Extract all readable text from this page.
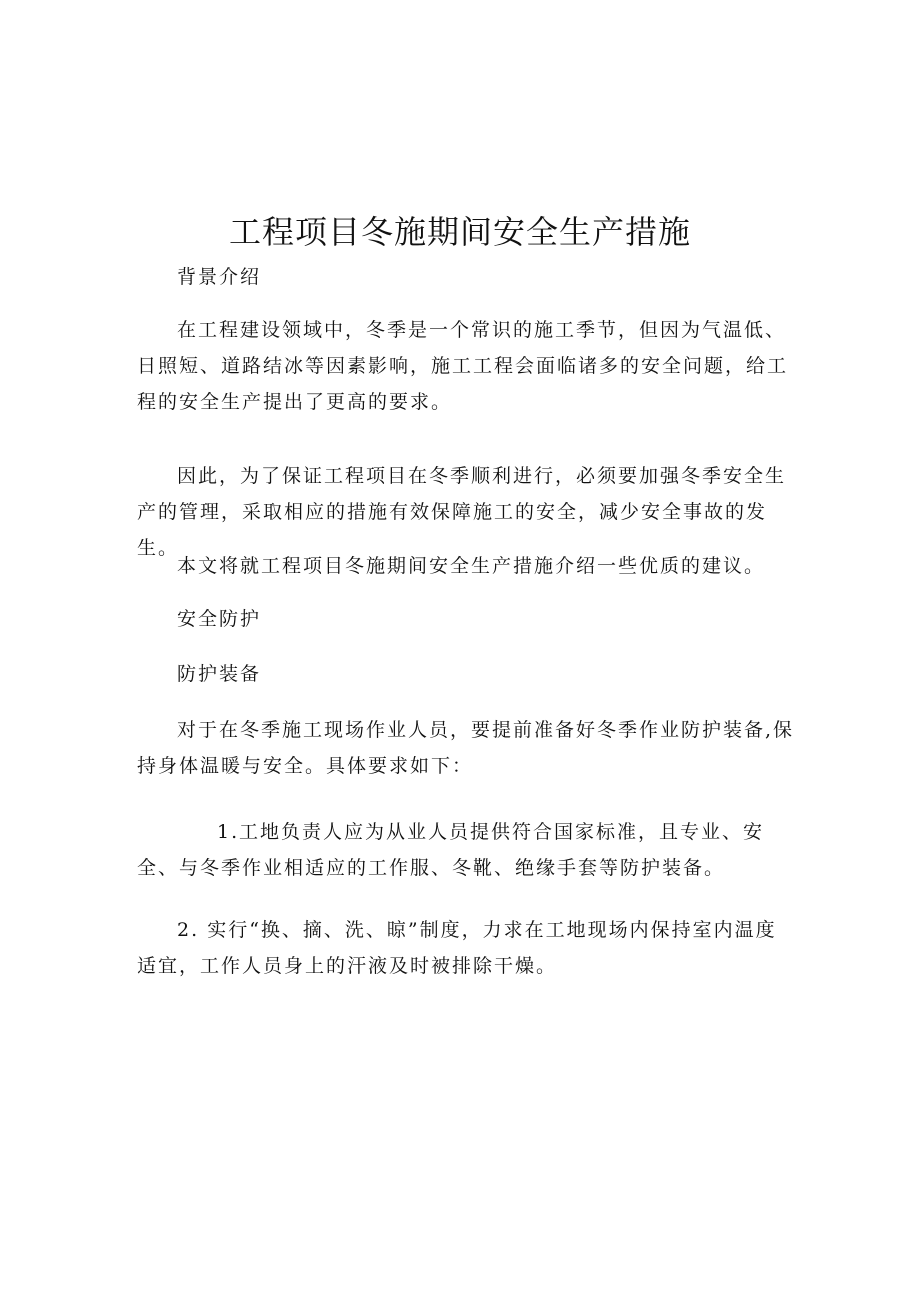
工程项目冬施期间安全生产措施

背景介绍

在工程建设领域中，冬季是一个常识的施工季节，但因为气温低、日照短、道路结冰等因素影响，施工工程会面临诸多的安全问题，给工程的安全生产提出了更高的要求。

因此，为了保证工程项目在冬季顺利进行，必须要加强冬季安全生产的管理，采取相应的措施有效保障施工的安全，减少安全事故的发生。

本文将就工程项目冬施期间安全生产措施介绍一些优质的建议。

安全防护

防护装备

对于在冬季施工现场作业人员，要提前准备好冬季作业防护装备,保持身体温暖与安全。具体要求如下：

1.工地负责人应为从业人员提供符合国家标准，且专业、安全、与冬季作业相适应的工作服、冬靴、绝缘手套等防护装备。

2. 实行“换、摘、洗、晾”制度，力求在工地现场内保持室内温度适宜，工作人员身上的汗液及时被排除干燥。
